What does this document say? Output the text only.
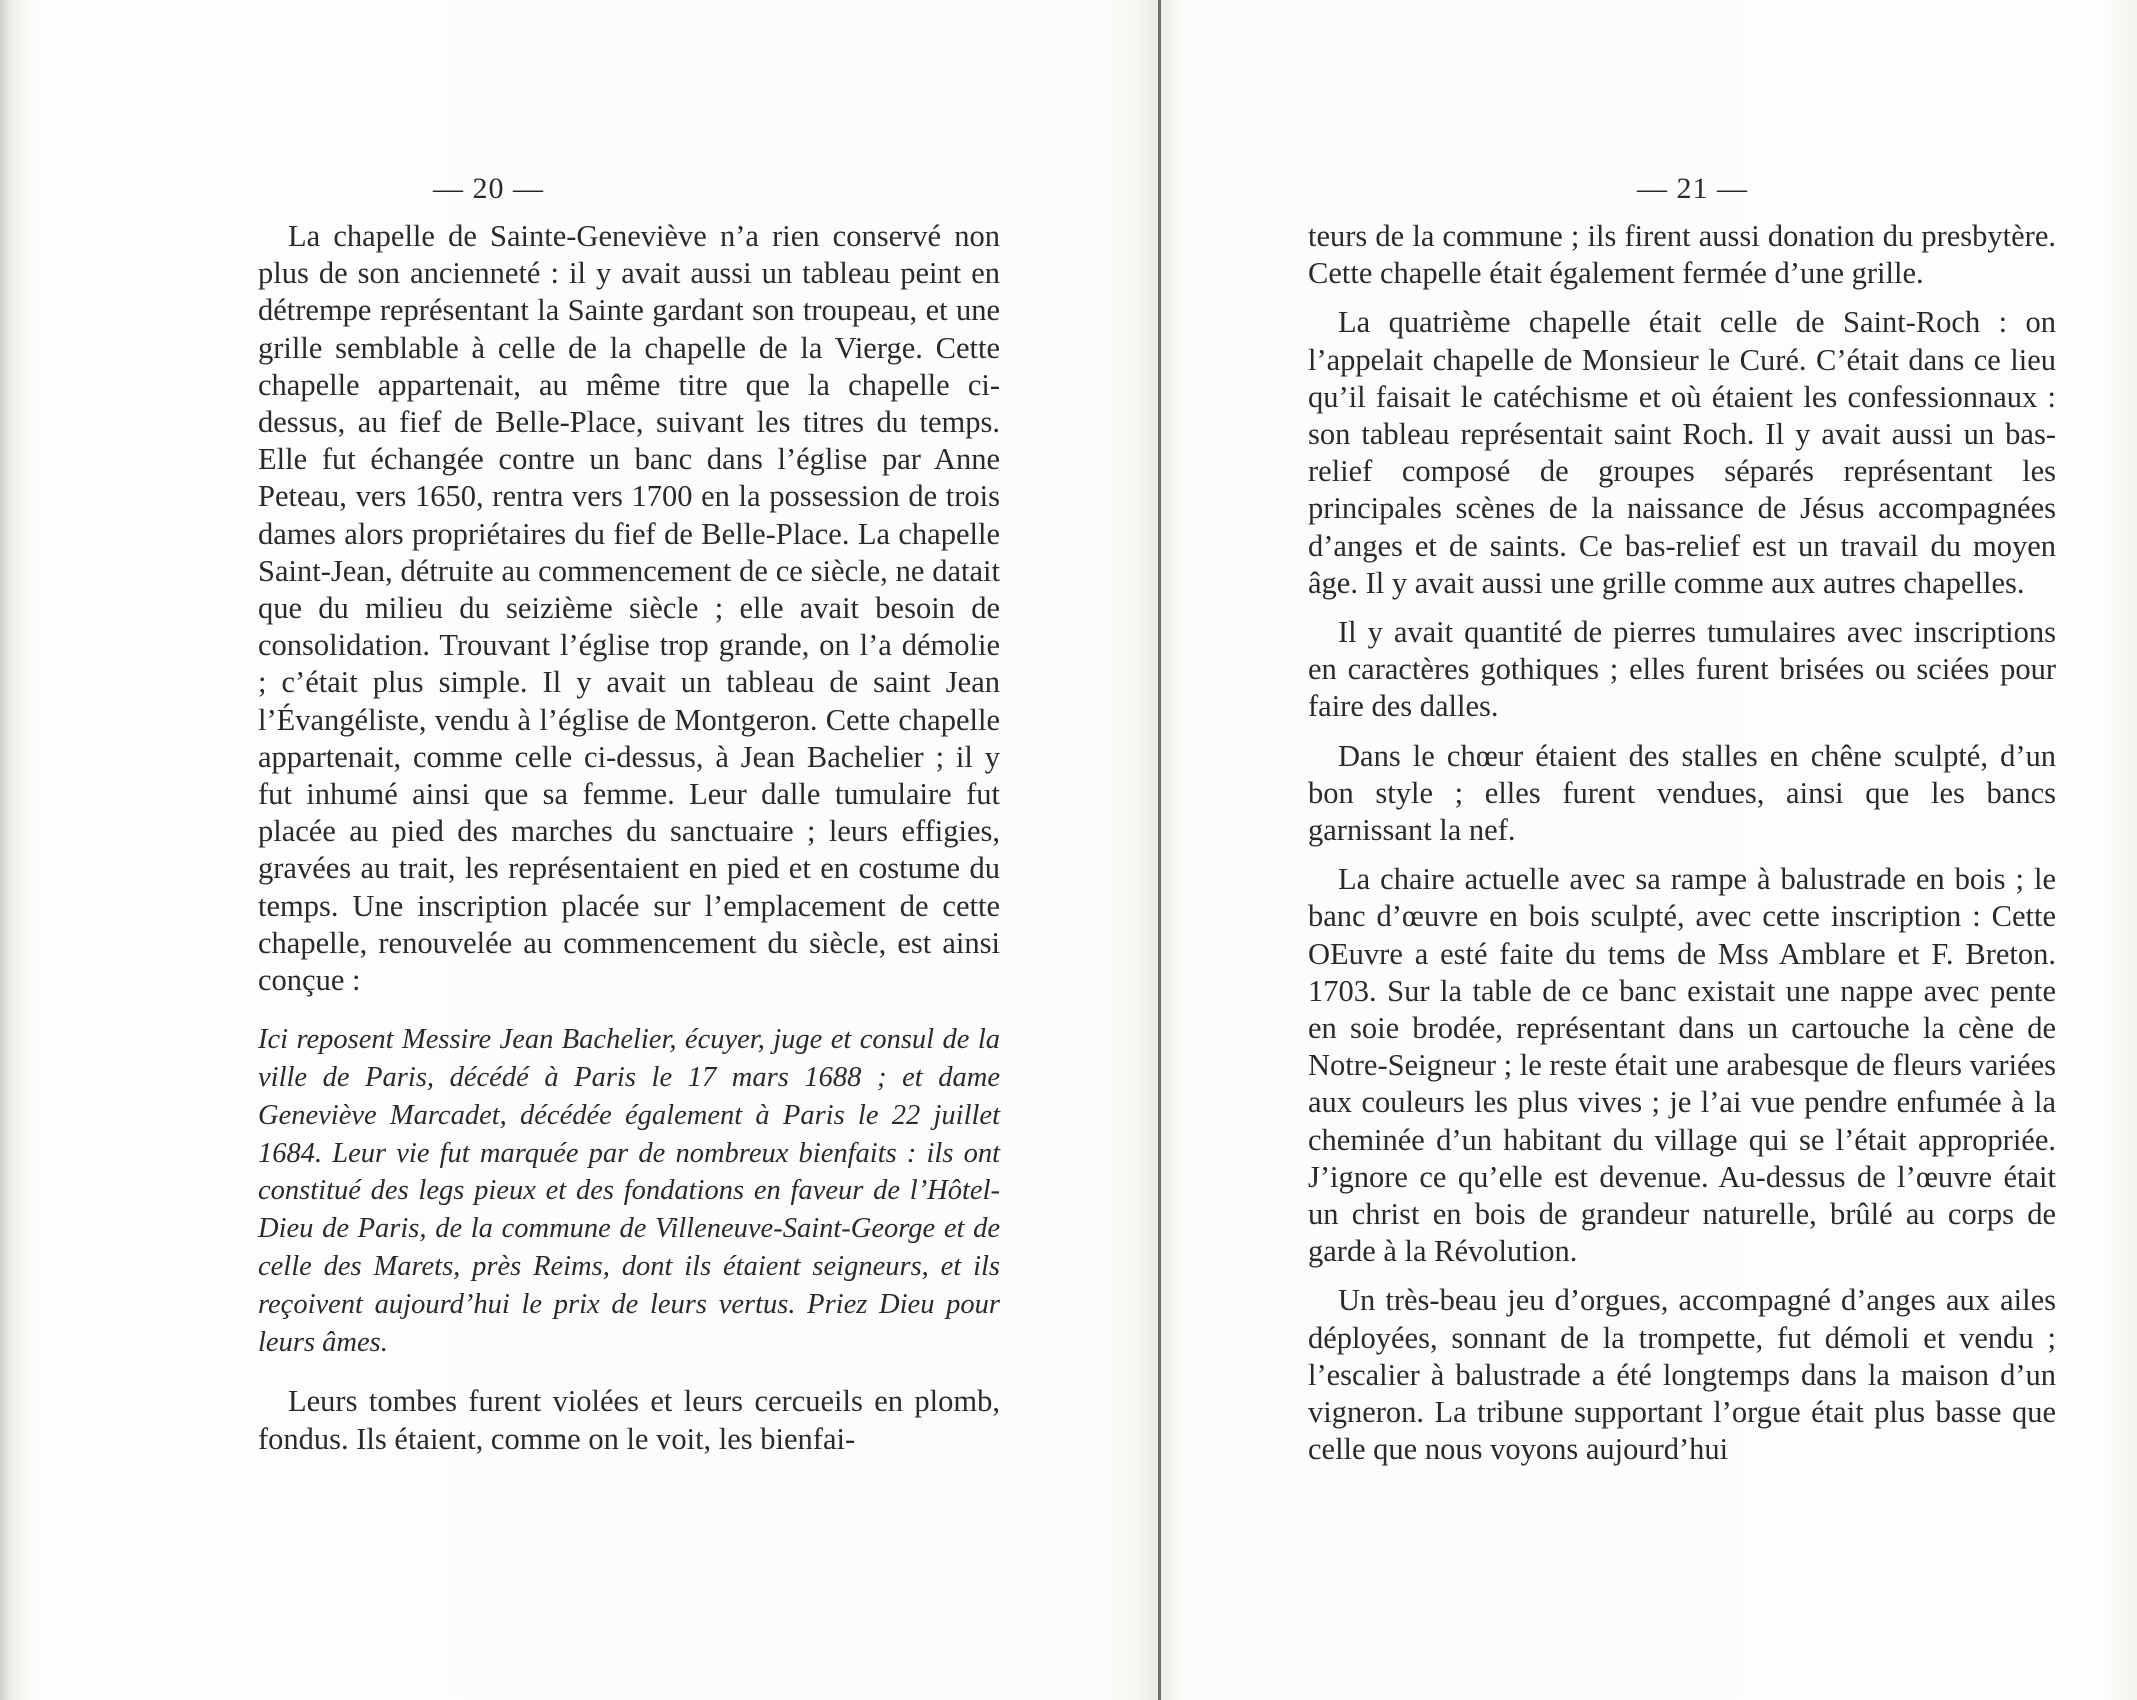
— 20 —

La chapelle de Sainte-Geneviève n’a rien conservé non plus de son ancienneté : il y avait aussi un tableau peint en détrempe représentant la Sainte gardant son troupeau, et une grille semblable à celle de la chapelle de la Vierge. Cette chapelle appartenait, au même titre que la chapelle ci-dessus, au fief de Belle-Place, suivant les titres du temps. Elle fut échangée contre un banc dans l’église par Anne Peteau, vers 1650, rentra vers 1700 en la possession de trois dames alors propriétaires du fief de Belle-Place. La chapelle Saint-Jean, détruite au commencement de ce siècle, ne datait que du milieu du seizième siècle ; elle avait besoin de consolidation. Trouvant l’église trop grande, on l’a démolie ; c’était plus simple. Il y avait un tableau de saint Jean l’Évangéliste, vendu à l’église de Montgeron. Cette chapelle appartenait, comme celle ci-dessus, à Jean Bachelier ; il y fut inhumé ainsi que sa femme. Leur dalle tumulaire fut placée au pied des marches du sanctuaire ; leurs effigies, gravées au trait, les représentaient en pied et en costume du temps. Une inscription placée sur l’emplacement de cette chapelle, renouvelée au commencement du siècle, est ainsi conçue :

Ici reposent Messire Jean Bachelier, écuyer, juge et consul de la ville de Paris, décédé à Paris le 17 mars 1688 ; et dame Geneviève Marcadet, décédée également à Paris le 22 juillet 1684. Leur vie fut marquée par de nombreux bienfaits : ils ont constitué des legs pieux et des fondations en faveur de l’Hôtel-Dieu de Paris, de la commune de Villeneuve-Saint-George et de celle des Marets, près Reims, dont ils étaient seigneurs, et ils reçoivent aujourd’hui le prix de leurs vertus. Priez Dieu pour leurs âmes.

Leurs tombes furent violées et leurs cercueils en plomb, fondus. Ils étaient, comme on le voit, les bienfai-

— 21 —

teurs de la commune ; ils firent aussi donation du presbytère. Cette chapelle était également fermée d’une grille.

La quatrième chapelle était celle de Saint-Roch : on l’appelait chapelle de Monsieur le Curé. C’était dans ce lieu qu’il faisait le catéchisme et où étaient les confessionnaux : son tableau représentait saint Roch. Il y avait aussi un bas-relief composé de groupes séparés représentant les principales scènes de la naissance de Jésus accompagnées d’anges et de saints. Ce bas-relief est un travail du moyen âge. Il y avait aussi une grille comme aux autres chapelles.

Il y avait quantité de pierres tumulaires avec inscriptions en caractères gothiques ; elles furent brisées ou sciées pour faire des dalles.

Dans le chœur étaient des stalles en chêne sculpté, d’un bon style ; elles furent vendues, ainsi que les bancs garnissant la nef.

La chaire actuelle avec sa rampe à balustrade en bois ; le banc d’œuvre en bois sculpté, avec cette inscription : Cette OEuvre a esté faite du tems de Mss Amblare et F. Breton. 1703. Sur la table de ce banc existait une nappe avec pente en soie brodée, représentant dans un cartouche la cène de Notre-Seigneur ; le reste était une arabesque de fleurs variées aux couleurs les plus vives ; je l’ai vue pendre enfumée à la cheminée d’un habitant du village qui se l’était appropriée. J’ignore ce qu’elle est devenue. Au-dessus de l’œuvre était un christ en bois de grandeur naturelle, brûlé au corps de garde à la Révolution.

Un très-beau jeu d’orgues, accompagné d’anges aux ailes déployées, sonnant de la trompette, fut démoli et vendu ; l’escalier à balustrade a été longtemps dans la maison d’un vigneron. La tribune supportant l’orgue était plus basse que celle que nous voyons aujourd’hui
